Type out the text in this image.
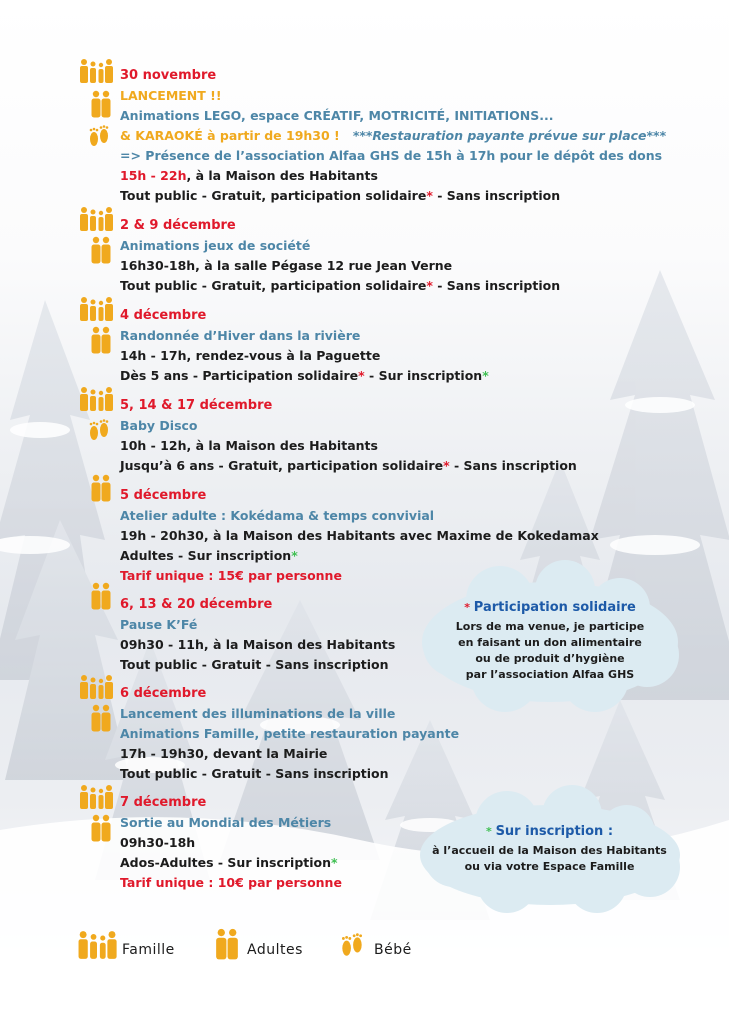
30 novembre
LANCEMENT !!
Animations LEGO, espace CRÉATIF, MOTRICITÉ, INITIATIONS...
& KARAOKÉ à partir de 19h30 ! ***Restauration payante prévue sur place***
=> Présence de l’association Alfaa GHS de 15h à 17h pour le dépôt des dons
15h - 22h, à la Maison des Habitants
Tout public - Gratuit, participation solidaire* - Sans inscription
2 & 9 décembre
Animations jeux de société
16h30-18h, à la salle Pégase 12 rue Jean Verne
Tout public - Gratuit, participation solidaire* - Sans inscription
4 décembre
Randonnée d’Hiver dans la rivière
14h - 17h, rendez-vous à la Paguette
Dès 5 ans - Participation solidaire* - Sur inscription*
5, 14 & 17 décembre
Baby Disco
10h - 12h, à la Maison des Habitants
Jusqu’à 6 ans - Gratuit, participation solidaire* - Sans inscription
5 décembre
Atelier adulte : Kokédama & temps convivial
19h - 20h30, à la Maison des Habitants avec Maxime de Kokedamax
Adultes - Sur inscription*
Tarif unique : 15€ par personne
6, 13 & 20 décembre
Pause K’Fé
09h30 - 11h, à la Maison des Habitants
Tout public - Gratuit - Sans inscription
6 décembre
Lancement des illuminations de la ville
Animations Famille, petite restauration payante
17h - 19h30, devant la Mairie
Tout public - Gratuit - Sans inscription
7 décembre
Sortie au Mondial des Métiers
09h30-18h
Ados-Adultes - Sur inscription*
Tarif unique : 10€ par personne
* Participation solidaire
Lors de ma venue, je participe
en faisant un don alimentaire
ou de produit d’hygiène
par l’association Alfaa GHS
* Sur inscription :
à l’accueil de la Maison des Habitants
ou via votre Espace Famille
Famille	Adultes	Bébé
